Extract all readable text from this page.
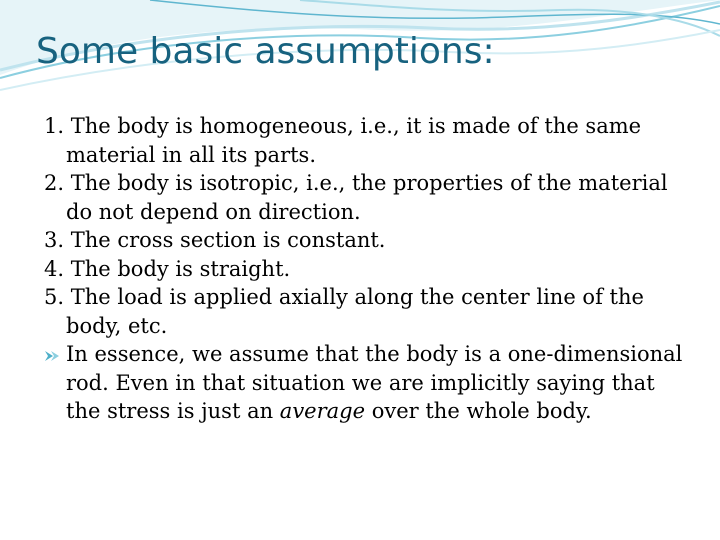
Some basic assumptions:
1. The body is homogeneous, i.e., it is made of the same material in all its parts.
2. The body is isotropic, i.e., the properties of the material do not depend on direction.
3. The cross section is constant.
4. The body is straight.
5. The load is applied axially along the center line of the body, etc.
In essence, we assume that the body is a one-dimensional rod. Even in that situation we are implicitly saying that the stress is just an average over the whole body.
